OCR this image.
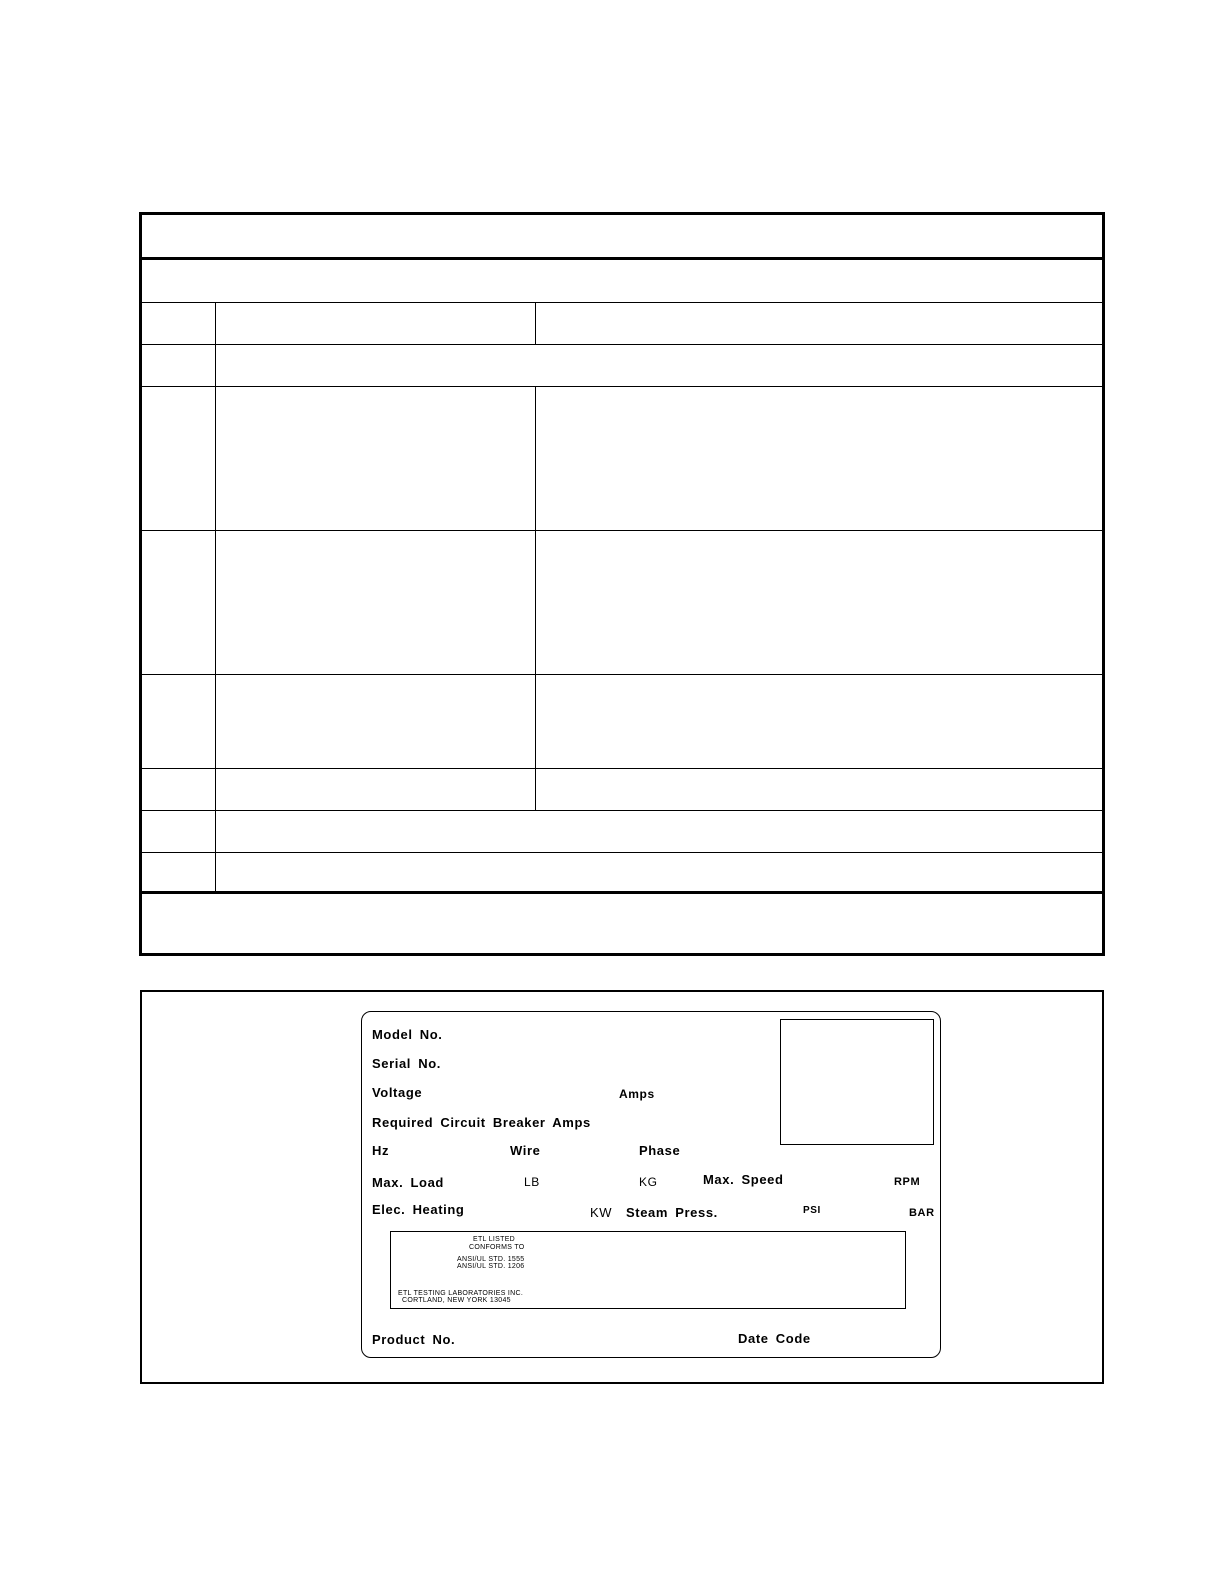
Model No.
Serial No.
Voltage	Amps
Required Circuit Breaker Amps
Hz	Wire	Phase
Max. Load	LB	KG	Max. Speed	RPM
Elec. Heating	KW Steam Press.	PSI	BAR
ETL LISTED
CONFORMS TO
ANSI/UL STD. 1555
ANSI/UL STD. 1206
ETL TESTING LABORATORIES INC.
CORTLAND, NEW YORK 13045
Product No.	Date Code
